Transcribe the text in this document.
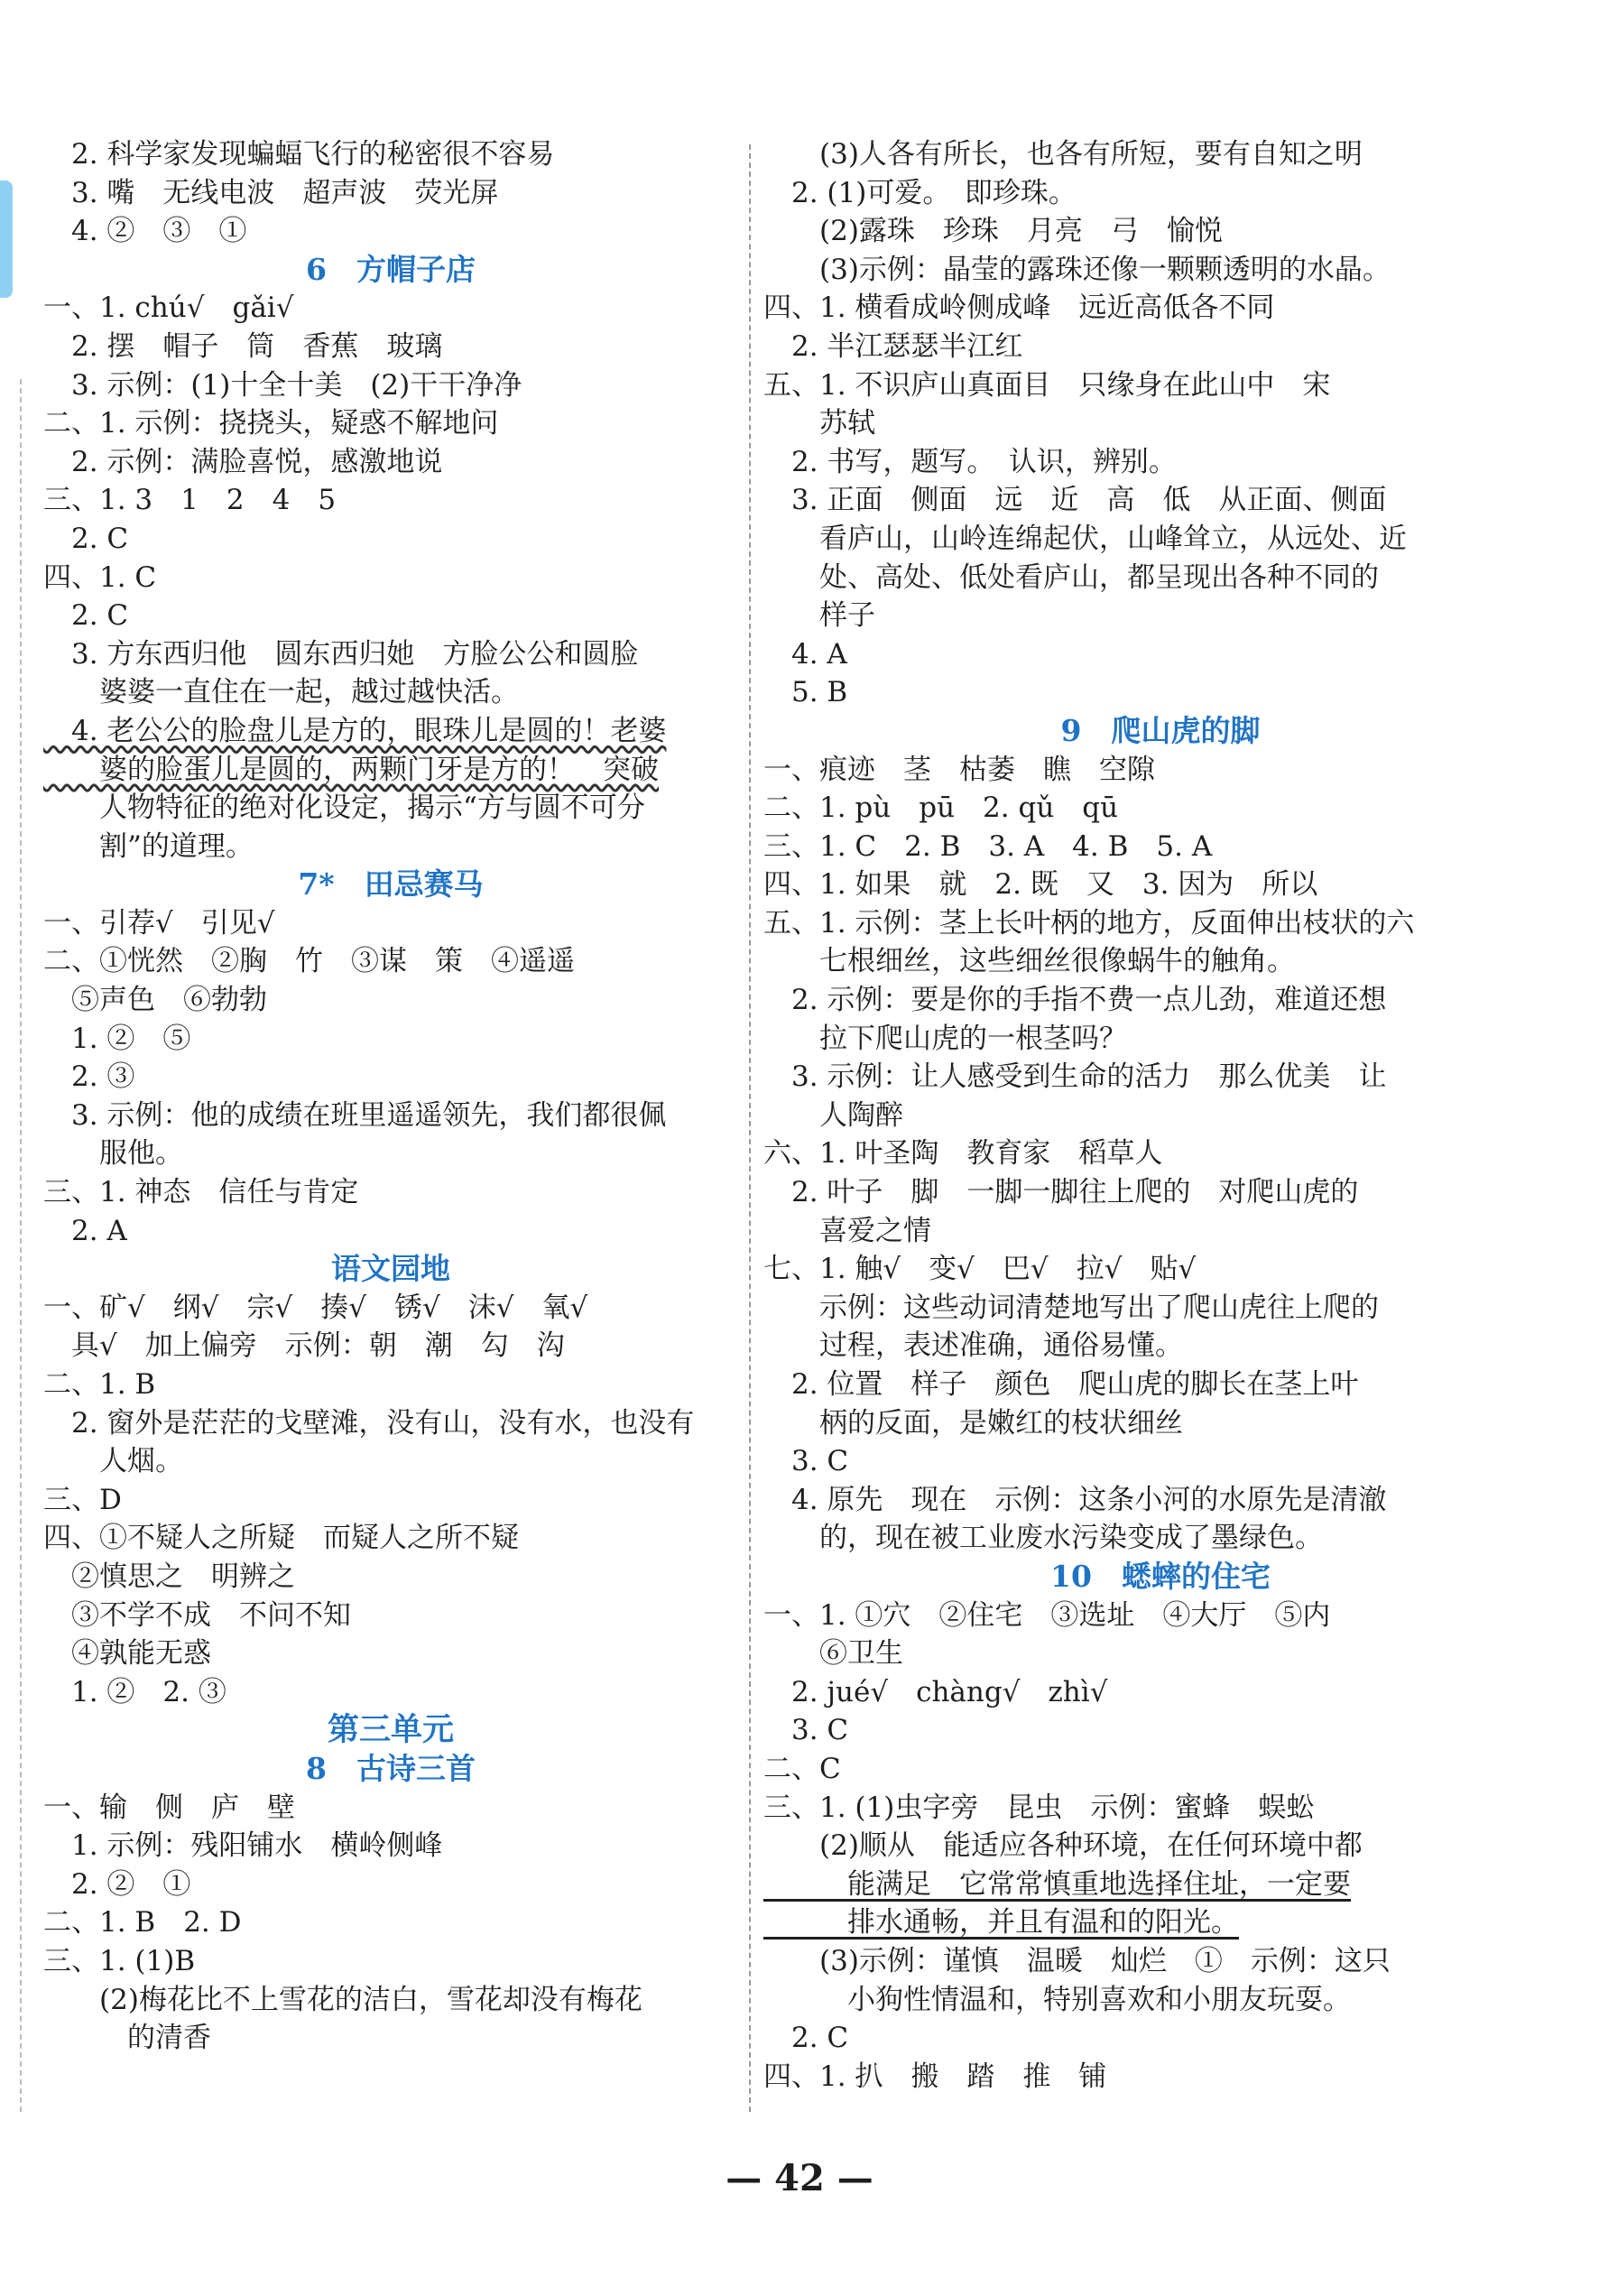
　2. 科学家发现蝙蝠飞行的秘密很不容易
　3. 嘴　无线电波　超声波　荧光屏
　4. ②　③　①
6　方帽子店
一、1. chú√　gǎi√
　2. 摆　帽子　筒　香蕉　玻璃
　3. 示例：(1)十全十美　(2)干干净净
二、1. 示例：挠挠头，疑惑不解地问
　2. 示例：满脸喜悦，感激地说
三、1. 3　1　2　4　5
　2. C
四、1. C
　2. C
　3. 方东西归他　圆东西归她　方脸公公和圆脸
　　婆婆一直住在一起，越过越快活。
　4. 老公公的脸盘儿是方的，眼珠儿是圆的！老婆
　　婆的脸蛋儿是圆的，两颗门牙是方的！　突破
　　人物特征的绝对化设定，揭示“方与圆不可分
　　割”的道理。
7*　田忌赛马
一、引荐√　引见√
二、①恍然　②胸　竹　③谋　策　④遥遥
　⑤声色　⑥勃勃
　1. ②　⑤
　2. ③
　3. 示例：他的成绩在班里遥遥领先，我们都很佩
　　服他。
三、1. 神态　信任与肯定
　2. A
语文园地
一、矿√　纲√　宗√　揍√　锈√　沫√　氧√
　具√　加上偏旁　示例：朝　潮　勾　沟
二、1. B
　2. 窗外是茫茫的戈壁滩，没有山，没有水，也没有
　　人烟。
三、D
四、①不疑人之所疑　而疑人之所不疑
　②慎思之　明辨之
　③不学不成　不问不知
　④孰能无惑
　1. ②　2. ③
第三单元
8　古诗三首
一、输　侧　庐　壁
　1. 示例：残阳铺水　横岭侧峰
　2. ②　①
二、1. B　2. D
三、1. (1)B
　　(2)梅花比不上雪花的洁白，雪花却没有梅花
　　　的清香
　　(3)人各有所长，也各有所短，要有自知之明
　2. (1)可爱。　即珍珠。
　　(2)露珠　珍珠　月亮　弓　愉悦
　　(3)示例：晶莹的露珠还像一颗颗透明的水晶。
四、1. 横看成岭侧成峰　远近高低各不同
　2. 半江瑟瑟半江红
五、1. 不识庐山真面目　只缘身在此山中　宋
　　苏轼
　2. 书写，题写。　认识，辨别。
　3. 正面　侧面　远　近　高　低　从正面、侧面
　　看庐山，山岭连绵起伏，山峰耸立，从远处、近
　　处、高处、低处看庐山，都呈现出各种不同的
　　样子
　4. A
　5. B
9　爬山虎的脚
一、痕迹　茎　枯萎　瞧　空隙
二、1. pù　pū　2. qǔ　qū
三、1. C　2. B　3. A　4. B　5. A
四、1. 如果　就　2. 既　又　3. 因为　所以
五、1. 示例：茎上长叶柄的地方，反面伸出枝状的六
　　七根细丝，这些细丝很像蜗牛的触角。
　2. 示例：要是你的手指不费一点儿劲，难道还想
　　拉下爬山虎的一根茎吗？
　3. 示例：让人感受到生命的活力　那么优美　让
　　人陶醉
六、1. 叶圣陶　教育家　稻草人
　2. 叶子　脚　一脚一脚往上爬的　对爬山虎的
　　喜爱之情
七、1. 触√　变√　巴√　拉√　贴√
　　示例：这些动词清楚地写出了爬山虎往上爬的
　　过程，表述准确，通俗易懂。
　2. 位置　样子　颜色　爬山虎的脚长在茎上叶
　　柄的反面，是嫩红的枝状细丝
　3. C
　4. 原先　现在　示例：这条小河的水原先是清澈
　　的，现在被工业废水污染变成了墨绿色。
10　蟋蟀的住宅
一、1. ①穴　②住宅　③选址　④大厅　⑤内
　　⑥卫生
　2. jué√　chàng√　zhì√
　3. C
二、C
三、1. (1)虫字旁　昆虫　示例：蜜蜂　蜈蚣
　　(2)顺从　能适应各种环境，在任何环境中都
　　　能满足　它常常慎重地选择住址，一定要
　　　排水通畅，并且有温和的阳光。
　　(3)示例：谨慎　温暖　灿烂　①　示例：这只
　　　小狗性情温和，特别喜欢和小朋友玩耍。
　2. C
四、1. 扒　搬　踏　推　铺
— 42 —
